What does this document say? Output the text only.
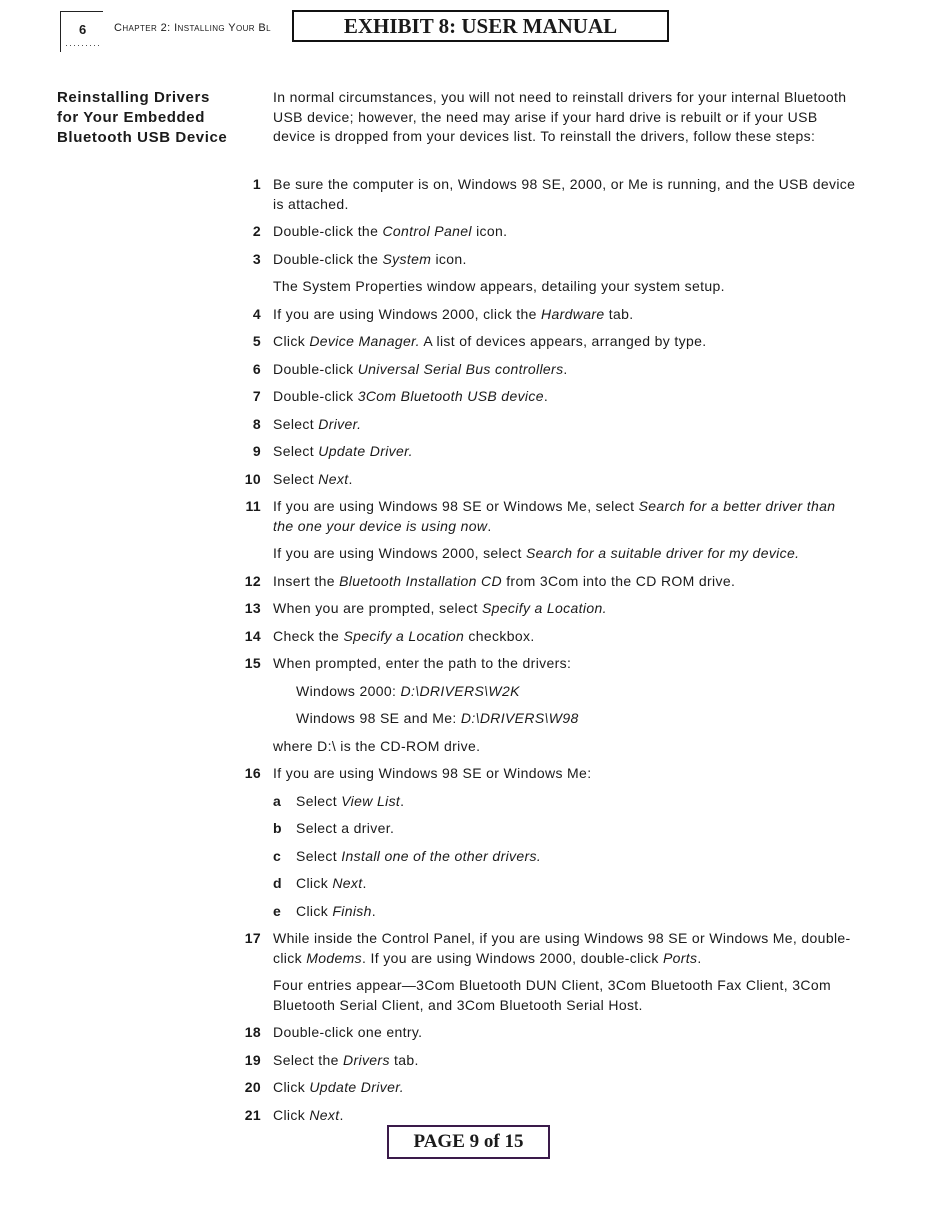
6
·········
Chapter 2: Installing Your Bl	EXHIBIT 8: USER MANUAL
Reinstalling Drivers
for Your Embedded
Bluetooth USB Device
In normal circumstances, you will not need to reinstall drivers for your internal Bluetooth USB device; however, the need may arise if your hard drive is rebuilt or if your USB device is dropped from your devices list. To reinstall the drivers, follow these steps:
1 Be sure the computer is on, Windows 98 SE, 2000, or Me is running, and the USB device is attached.
2 Double-click the Control Panel icon.
3 Double-click the System icon.
The System Properties window appears, detailing your system setup.
4 If you are using Windows 2000, click the Hardware tab.
5 Click Device Manager. A list of devices appears, arranged by type.
6 Double-click Universal Serial Bus controllers.
7 Double-click 3Com Bluetooth USB device.
8 Select Driver.
9 Select Update Driver.
10 Select Next.
11 If you are using Windows 98 SE or Windows Me, select Search for a better driver than the one your device is using now.
If you are using Windows 2000, select Search for a suitable driver for my device.
12 Insert the Bluetooth Installation CD from 3Com into the CD ROM drive.
13 When you are prompted, select Specify a Location.
14 Check the Specify a Location checkbox.
15 When prompted, enter the path to the drivers:
Windows 2000: D:\DRIVERS\W2K
Windows 98 SE and Me: D:\DRIVERS\W98
where D:\ is the CD-ROM drive.
16 If you are using Windows 98 SE or Windows Me:
a	Select View List.
b Select a driver.
c	Select Install one of the other drivers.
d Click Next.
e	Click Finish.
17 While inside the Control Panel, if you are using Windows 98 SE or Windows Me, double-click Modems. If you are using Windows 2000, double-click Ports.
Four entries appear—3Com Bluetooth DUN Client, 3Com Bluetooth Fax Client, 3Com Bluetooth Serial Client, and 3Com Bluetooth Serial Host.
18 Double-click one entry.
19 Select the Drivers tab.
20 Click Update Driver.
21 Click Next.
PAGE 9 of 15
